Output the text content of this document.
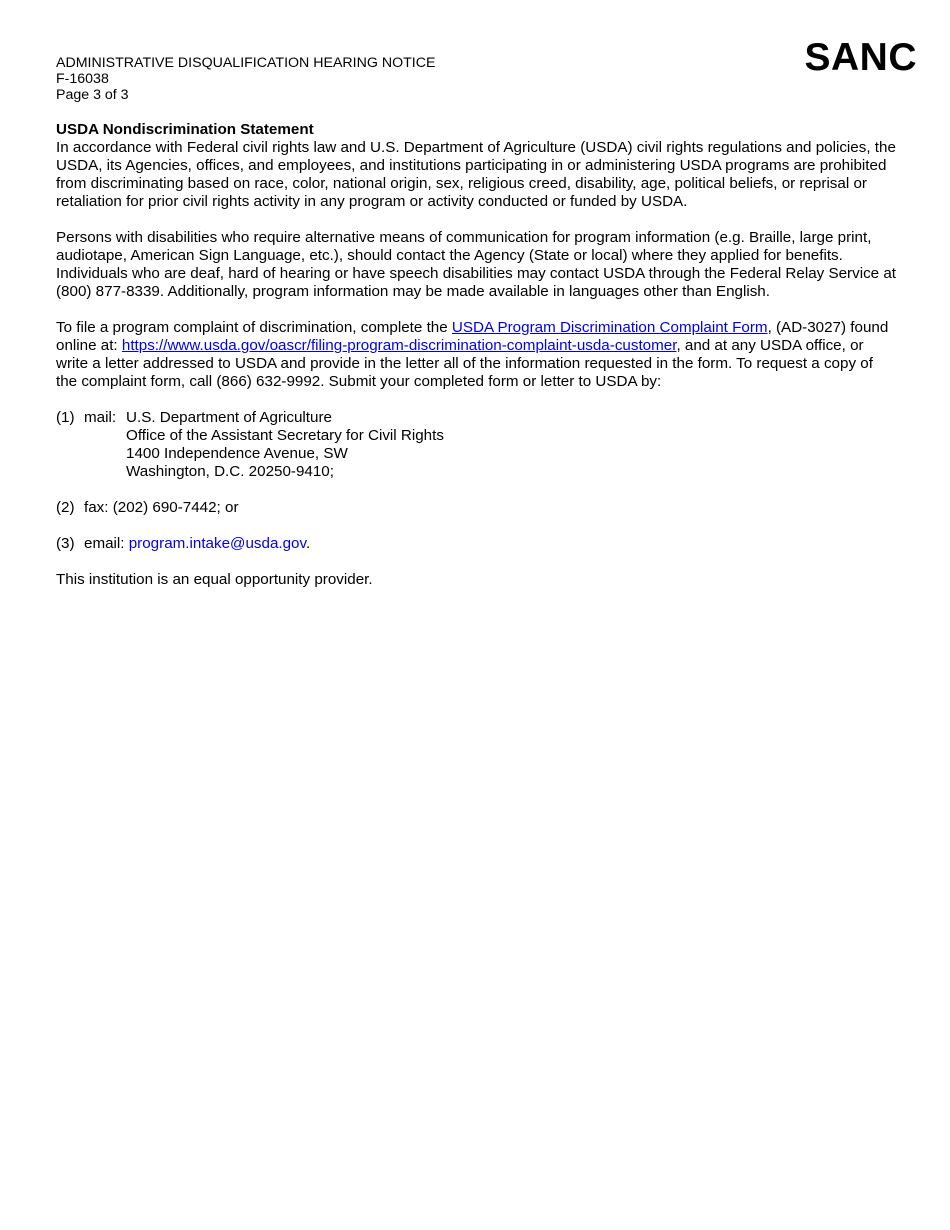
SANC
ADMINISTRATIVE DISQUALIFICATION HEARING NOTICE
F-16038
Page 3 of 3
USDA Nondiscrimination Statement

In accordance with Federal civil rights law and U.S. Department of Agriculture (USDA) civil rights regulations and policies, the USDA, its Agencies, offices, and employees, and institutions participating in or administering USDA programs are prohibited from discriminating based on race, color, national origin, sex, religious creed, disability, age, political beliefs, or reprisal or retaliation for prior civil rights activity in any program or activity conducted or funded by USDA.

Persons with disabilities who require alternative means of communication for program information (e.g. Braille, large print, audiotape, American Sign Language, etc.), should contact the Agency (State or local) where they applied for benefits. Individuals who are deaf, hard of hearing or have speech disabilities may contact USDA through the Federal Relay Service at (800) 877-8339. Additionally, program information may be made available in languages other than English.

To file a program complaint of discrimination, complete the USDA Program Discrimination Complaint Form, (AD-3027) found online at: https://www.usda.gov/oascr/filing-program-discrimination-complaint-usda-customer, and at any USDA office, or write a letter addressed to USDA and provide in the letter all of the information requested in the form. To request a copy of the complaint form, call (866) 632-9992. Submit your completed form or letter to USDA by:

(1) mail: U.S. Department of Agriculture
Office of the Assistant Secretary for Civil Rights
1400 Independence Avenue, SW
Washington, D.C. 20250-9410;
(2) fax: (202) 690-7442; or
(3) email: program.intake@usda.gov.

This institution is an equal opportunity provider.
